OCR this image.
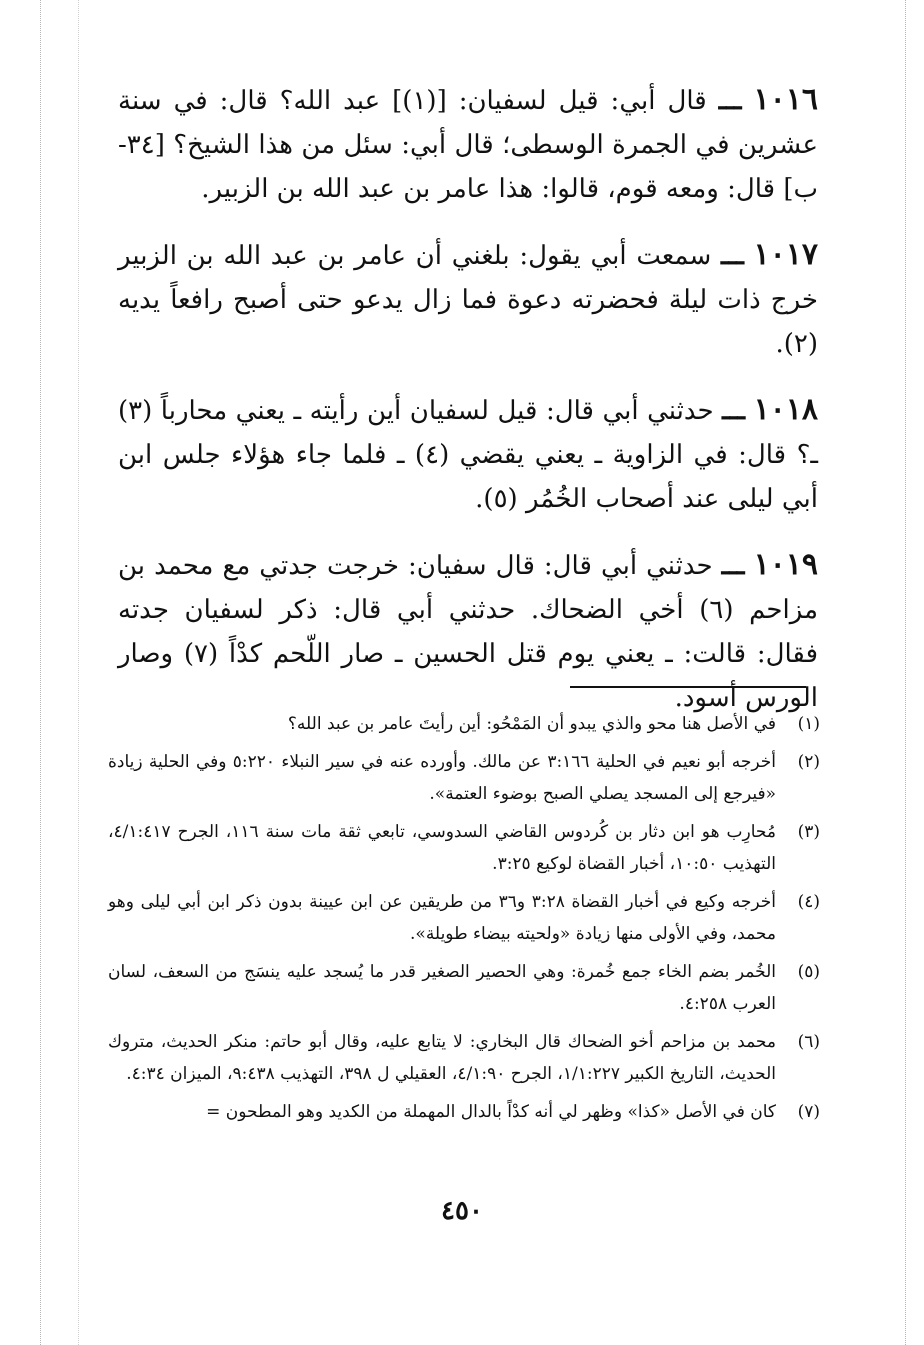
١٠١٦ ـــ قال أبي: قيل لسفيان: [(١)] عبد الله؟ قال: في سنة عشرين في الجمرة الوسطى؛ قال أبي: سئل من هذا الشيخ؟ [٣٤-ب] قال: ومعه قوم، قالوا: هذا عامر بن عبد الله بن الزبير.

١٠١٧ ـــ سمعت أبي يقول: بلغني أن عامر بن عبد الله بن الزبير خرج ذات ليلة فحضرته دعوة فما زال يدعو حتى أصبح رافعاً يديه (٢).

١٠١٨ ـــ حدثني أبي قال: قيل لسفيان أين رأيته ـ يعني محارباً (٣) ـ؟ قال: في الزاوية ـ يعني يقضي (٤) ـ فلما جاء هؤلاء جلس ابن أبي ليلى عند أصحاب الخُمُر (٥).

١٠١٩ ـــ حدثني أبي قال: قال سفيان: خرجت جدتي مع محمد بن مزاحم (٦) أخي الضحاك. حدثني أبي قال: ذكر لسفيان جدته فقال: قالت: ـ يعني يوم قتل الحسين ـ صار اللّحم كدْاً (٧) وصار الورس أسود.

(١)
في الأصل هنا محو والذي يبدو أن المَمْحُو: أين رأيتَ عامر بن عبد الله؟
(٢)
أخرجه أبو نعيم في الحلية ٣:١٦٦ عن مالك. وأورده عنه في سير النبلاء ٥:٢٢٠ وفي الحلية زيادة «فيرجع إلى المسجد يصلي الصبح بوضوء العتمة».
(٣)
مُحارِب هو ابن دثار بن كُردوس القاضي السدوسي، تابعي ثقة مات سنة ١١٦، الجرح ٤/١:٤١٧، التهذيب ١٠:٥٠، أخبار القضاة لوكيع ٣:٢٥.
(٤)
أخرجه وكيع في أخبار القضاة ٣:٢٨ و٣٦ من طريقين عن ابن عيينة بدون ذكر ابن أبي ليلى وهو محمد، وفي الأولى منها زيادة «ولحيته بيضاء طويلة».
(٥)
الخُمر بضم الخاء جمع خُمرة: وهي الحصير الصغير قدر ما يُسجد عليه ينسَج من السعف، لسان العرب ٤:٢٥٨.
(٦)
محمد بن مزاحم أخو الضحاك قال البخاري: لا يتابع عليه، وقال أبو حاتم: منكر الحديث، متروك الحديث، التاريخ الكبير ١/١:٢٢٧، الجرح ٤/١:٩٠، العقيلي ل ٣٩٨، التهذيب ٩:٤٣٨، الميزان ٤:٣٤.
(٧)
كان في الأصل «كذا» وظهر لي أنه كدْاً بالدال المهملة من الكديد وهو المطحون =
٤٥٠
